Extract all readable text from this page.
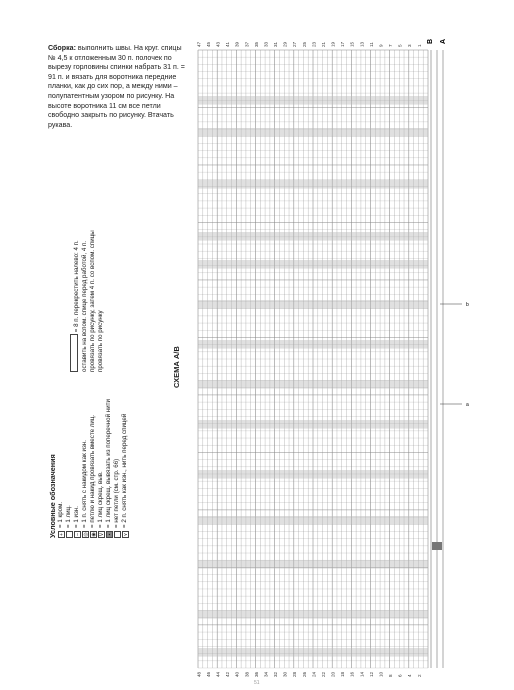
Сборка: выполнить швы. На круг. спицы № 4,5 к отложенным 30 п. полочек по вырезу горловины спинки набрать 31 п. = 91 п. и вязать для воротника передние планки, как до сих пор, а между ними – полупатентным узором по рисунку. На высоте воротника 11 см все петли свободно закрыть по рисунку. Втачать рукава.
Условные обозначения +
= 1 кром. = 1 лиц.
–
= 1 изн.
◎
= 1 п. снять с накидом как изн.
◉
= петлю и накид провязать вместе лиц.
V
= 1 лиц скрещ. выв.
▪
= 1 лиц скрещ. вывязать из поперечной нити = нет петли (см. стр. 66)
⋎
= 2 п. снять как изн., нить перед спицей
= 8 п. перекрестить налево: 4 п. оставить на вспом. спице перед работой, 4 п. провязать по рисунку, затем 4 п. со вспом. спицы провязать по рисунку	СХЕМА A/B
47 45 43 41 39 37 35 33 31 29 27 25 23 21 19 17 15 13 11 9 7 5 3 1
48 46 44 42 40 38 36 34 32 30 28 26 24 22 20 18 16 14 12 10 8 6 4 2
B A
b
a
51
